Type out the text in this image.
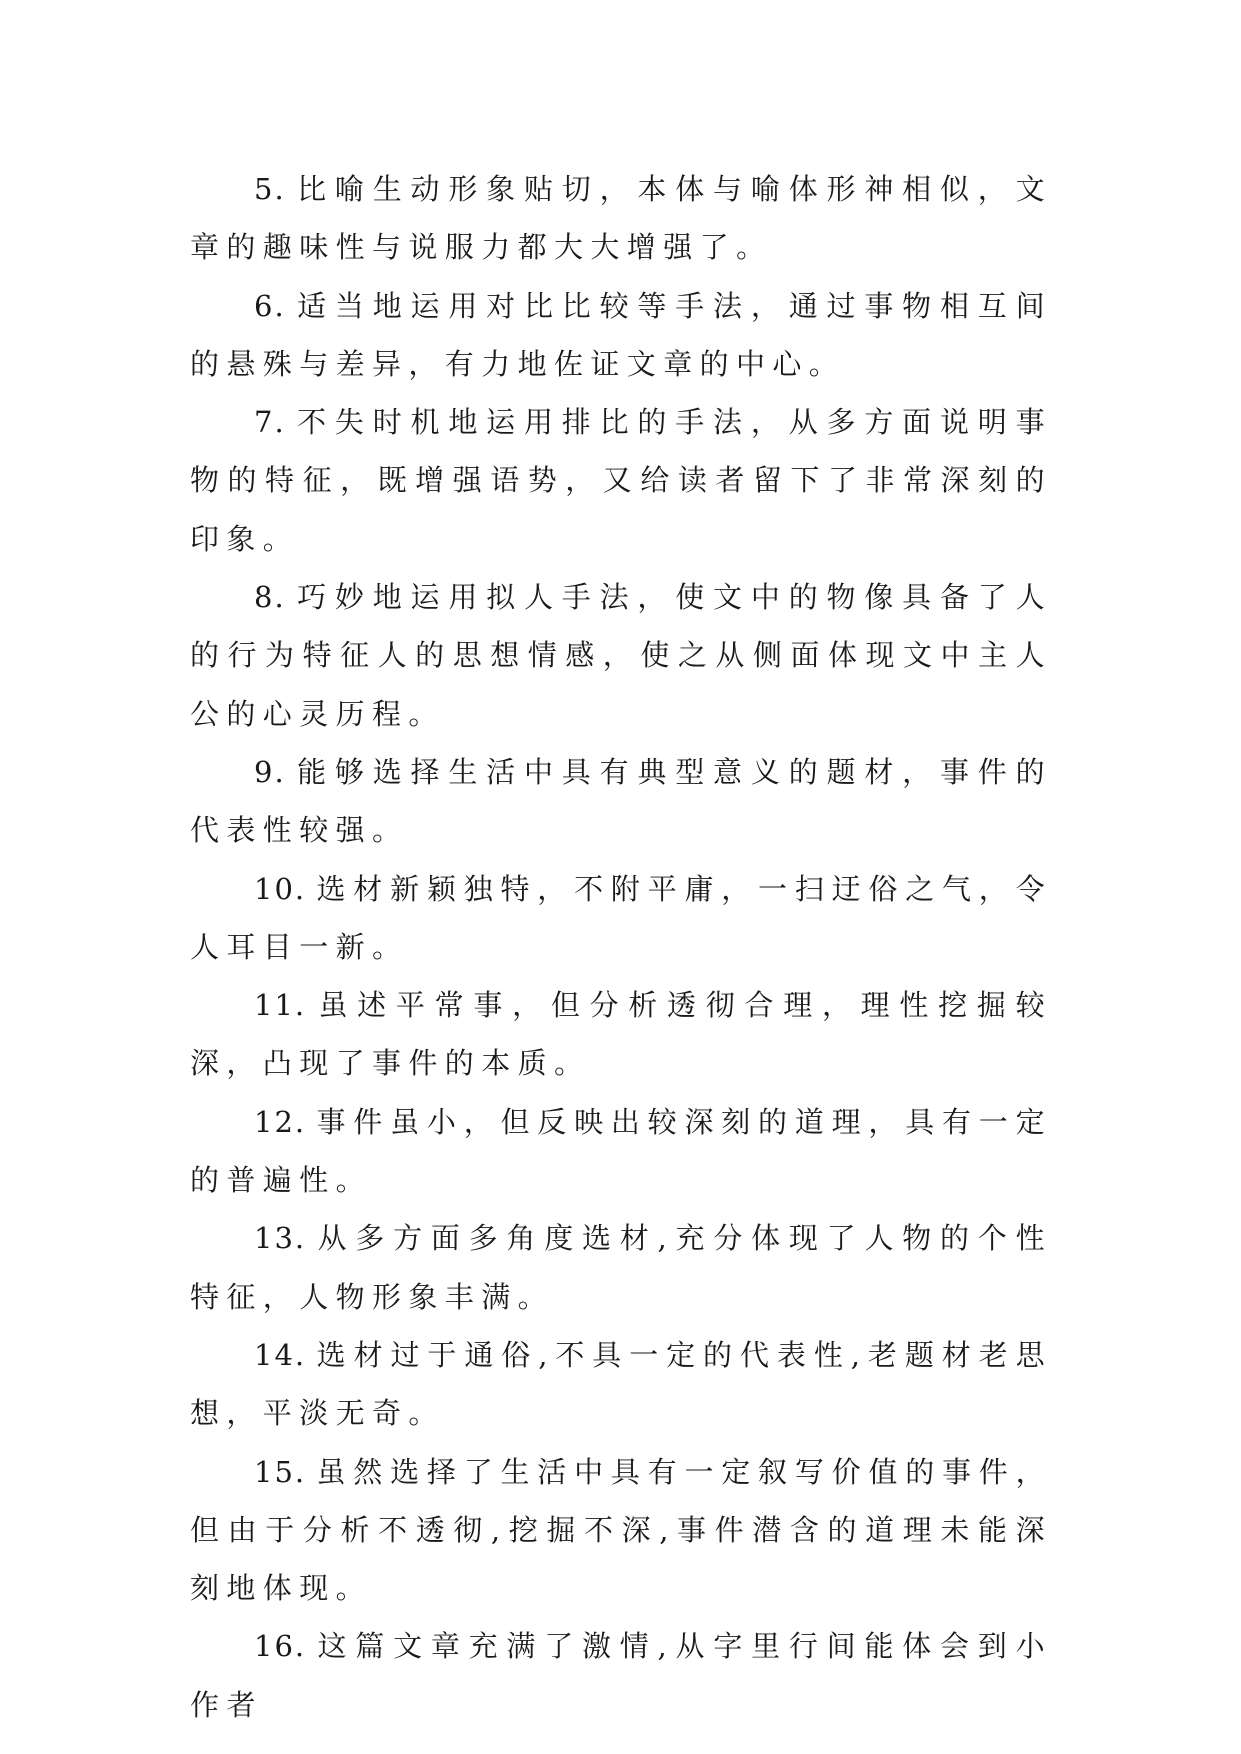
5. 比喻生动形象贴切，本体与喻体形神相似，文章的趣味性与说服力都大大增强了。

6. 适当地运用对比比较等手法，通过事物相互间的悬殊与差异，有力地佐证文章的中心。

7. 不失时机地运用排比的手法，从多方面说明事物的特征，既增强语势，又给读者留下了非常深刻的印象。

8. 巧妙地运用拟人手法，使文中的物像具备了人的行为特征人的思想情感，使之从侧面体现文中主人公的心灵历程。

9. 能够选择生活中具有典型意义的题材，事件的代表性较强。

10. 选材新颖独特，不附平庸，一扫迂俗之气，令人耳目一新。

11. 虽述平常事，但分析透彻合理，理性挖掘较深，凸现了事件的本质。

12. 事件虽小，但反映出较深刻的道理，具有一定的普遍性。

13. 从多方面多角度选材,充分体现了人物的个性特征，人物形象丰满。

14. 选材过于通俗,不具一定的代表性,老题材老思想，平淡无奇。

15. 虽然选择了生活中具有一定叙写价值的事件，但由于分析不透彻,挖掘不深,事件潜含的道理未能深刻地体现。

16. 这篇文章充满了激情,从字里行间能体会到小作者
